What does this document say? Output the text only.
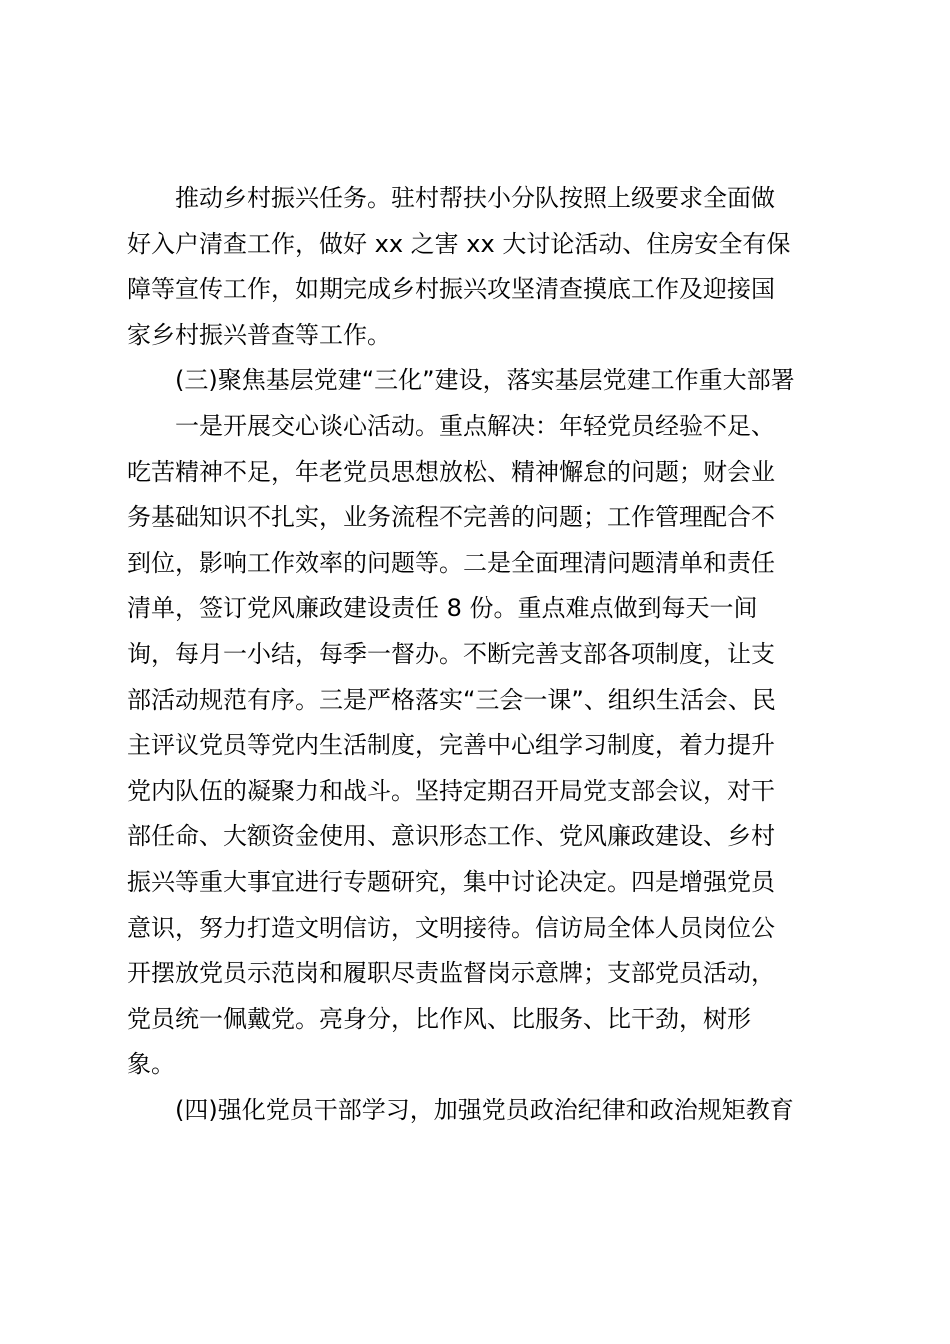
推动乡村振兴任务。驻村帮扶小分队按照上级要求全面做
好入户清查工作，做好 xx 之害 xx 大讨论活动、住房安全有保
障等宣传工作，如期完成乡村振兴攻坚清查摸底工作及迎接国
家乡村振兴普查等工作。
(三)聚焦基层党建“三化”建设，落实基层党建工作重大部署
一是开展交心谈心活动。重点解决：年轻党员经验不足、
吃苦精神不足，年老党员思想放松、精神懈怠的问题；财会业
务基础知识不扎实，业务流程不完善的问题；工作管理配合不
到位，影响工作效率的问题等。二是全面理清问题清单和责任
清单，签订党风廉政建设责任 8 份。重点难点做到每天一间
询，每月一小结，每季一督办。不断完善支部各项制度，让支
部活动规范有序。三是严格落实“三会一课”、组织生活会、民
主评议党员等党内生活制度，完善中心组学习制度，着力提升
党内队伍的凝聚力和战斗。坚持定期召开局党支部会议，对干
部任命、大额资金使用、意识形态工作、党风廉政建设、乡村
振兴等重大事宜进行专题研究，集中讨论决定。四是增强党员
意识，努力打造文明信访，文明接待。信访局全体人员岗位公
开摆放党员示范岗和履职尽责监督岗示意牌；支部党员活动，
党员统一佩戴党。亮身分，比作风、比服务、比干劲，树形
象。
(四)强化党员干部学习，加强党员政治纪律和政治规矩教育
